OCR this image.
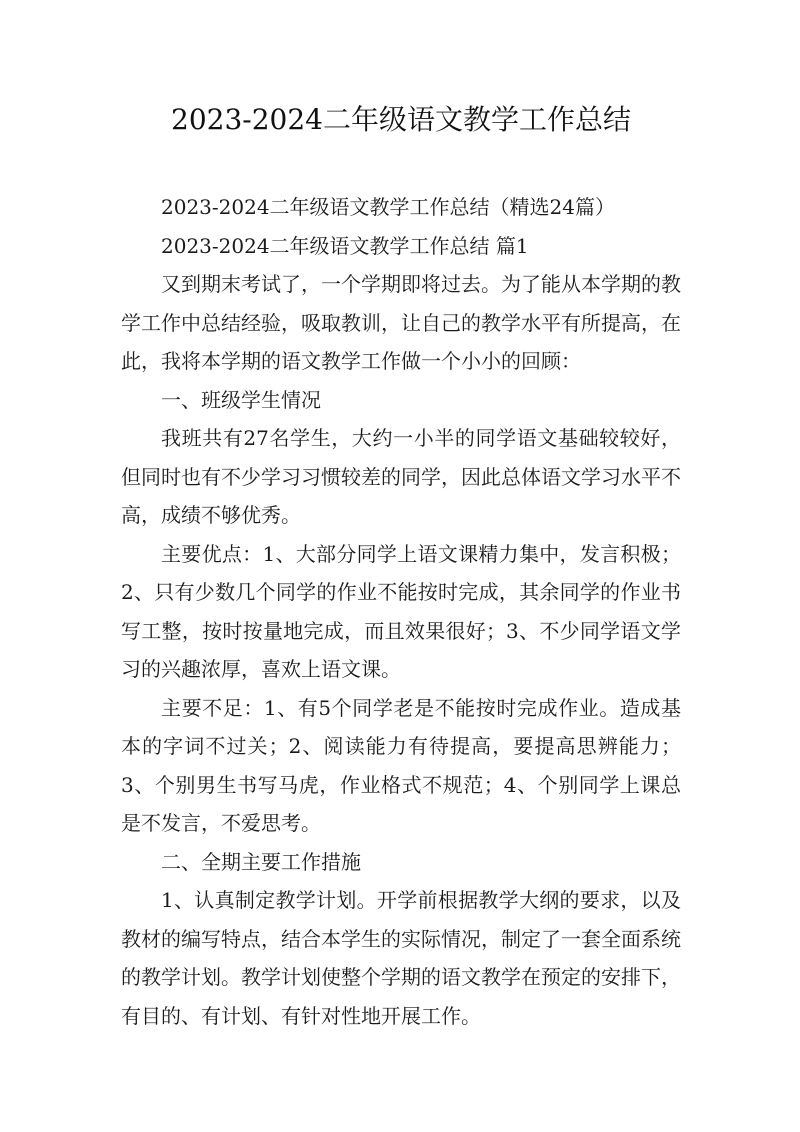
2023-2024二年级语文教学工作总结

2023-2024二年级语文教学工作总结（精选24篇）

2023-2024二年级语文教学工作总结 篇1

又到期末考试了，一个学期即将过去。为了能从本学期的教学工作中总结经验，吸取教训，让自己的教学水平有所提高，在此，我将本学期的语文教学工作做一个小小的回顾：

一、班级学生情况

我班共有27名学生，大约一小半的同学语文基础较较好，但同时也有不少学习习惯较差的同学，因此总体语文学习水平不高，成绩不够优秀。

主要优点：1、大部分同学上语文课精力集中，发言积极；2、只有少数几个同学的作业不能按时完成，其余同学的作业书写工整，按时按量地完成，而且效果很好；3、不少同学语文学习的兴趣浓厚，喜欢上语文课。

主要不足：1、有5个同学老是不能按时完成作业。造成基本的字词不过关；2、阅读能力有待提高，要提高思辨能力；3、个别男生书写马虎，作业格式不规范；4、个别同学上课总是不发言，不爱思考。

二、全期主要工作措施

1、认真制定教学计划。开学前根据教学大纲的要求，以及教材的编写特点，结合本学生的实际情况，制定了一套全面系统的教学计划。教学计划使整个学期的语文教学在预定的安排下，有目的、有计划、有针对性地开展工作。
